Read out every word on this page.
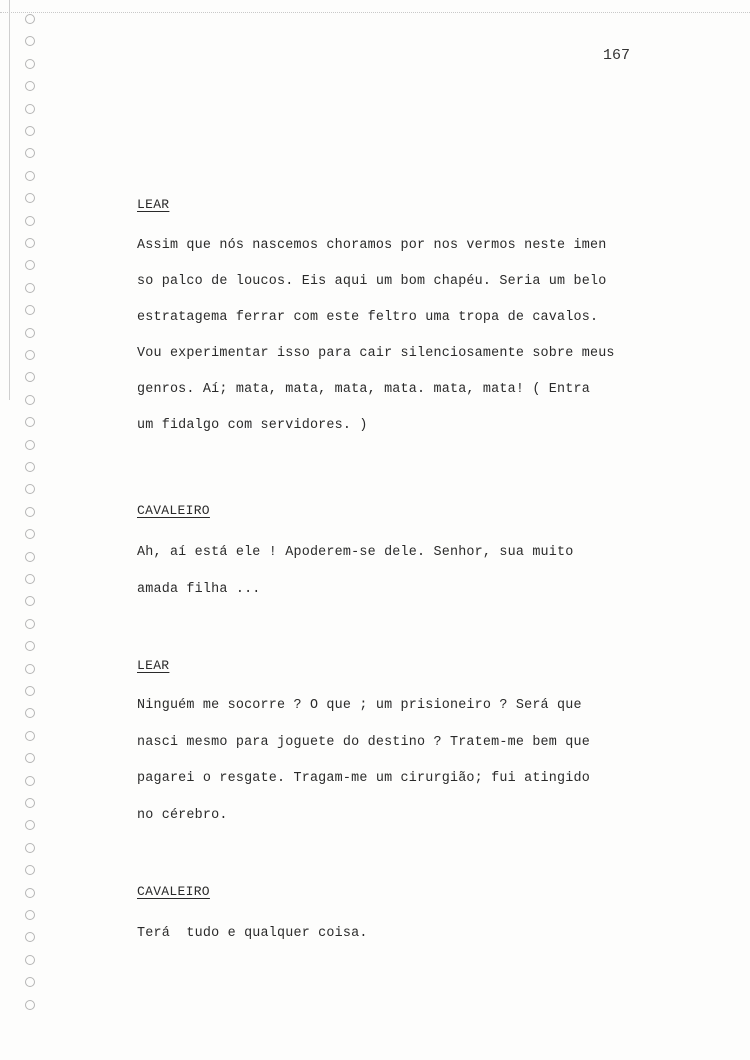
167
LEAR
Assim que nós nascemos choramos por nos vermos neste imen
so palco de loucos. Eis aqui um bom chapéu. Seria um belo
estratagema ferrar com este feltro uma tropa de cavalos.
Vou experimentar isso para cair silenciosamente sobre meus
genros. Aí; mata, mata, mata, mata. mata, mata! ( Entra
um fidalgo com servidores. )
CAVALEIRO
Ah, aí está ele ! Apoderem-se dele. Senhor, sua muito
amada filha ...
LEAR
Ninguém me socorre ? O que ; um prisioneiro ? Será que
nasci mesmo para joguete do destino ? Tratem-me bem que
pagarei o resgate. Tragam-me um cirurgião; fui atingido
no cérebro.
CAVALEIRO
Terá  tudo e qualquer coisa.
